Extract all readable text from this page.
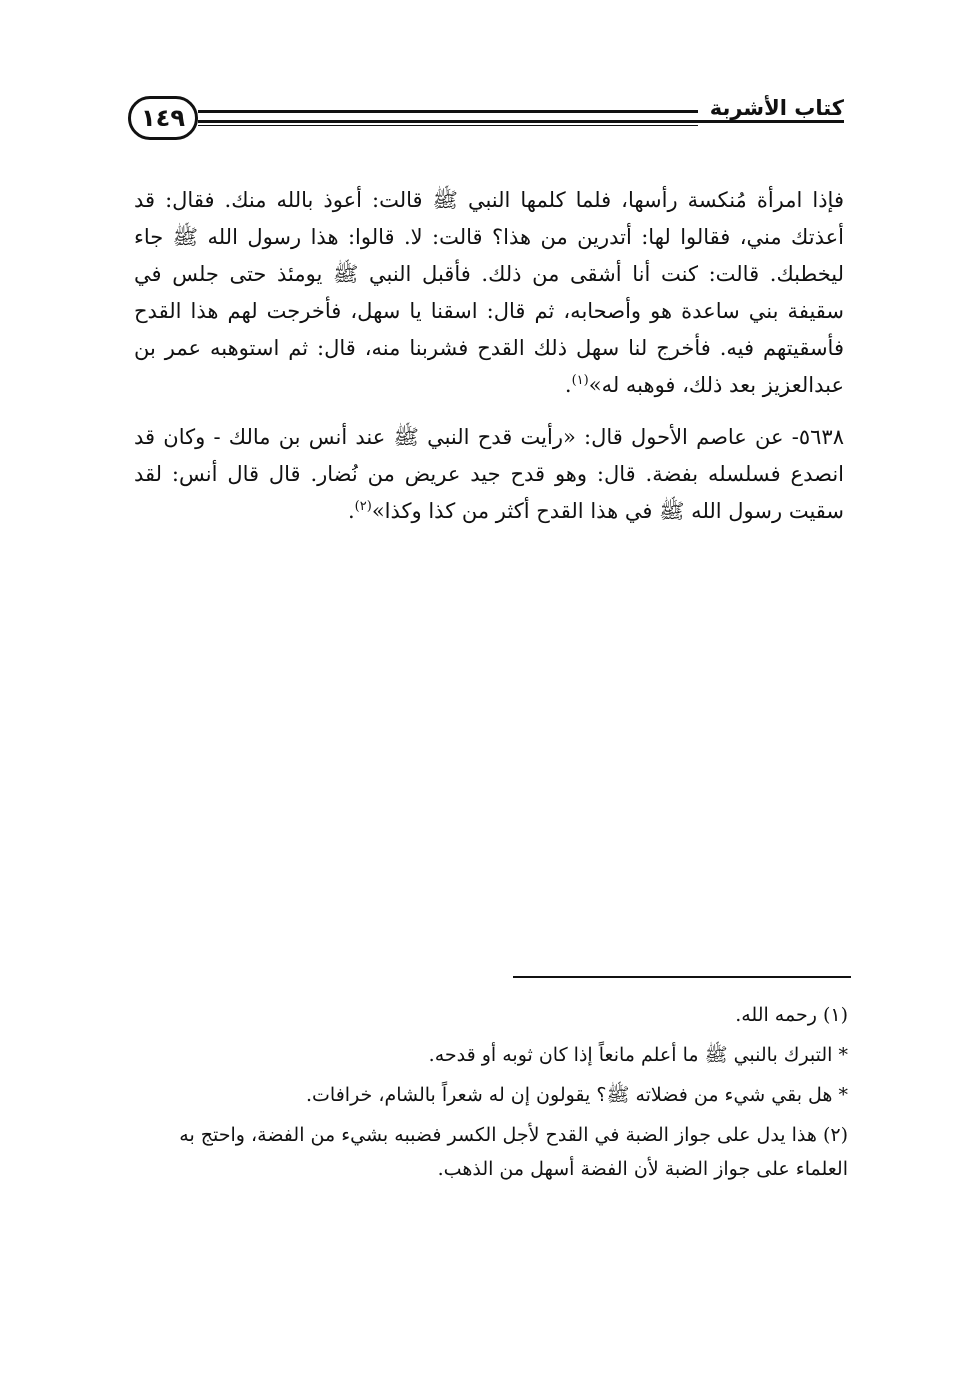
١٤٩	كتاب الأشربة

فإذا امرأة مُنكسة رأسها، فلما كلمها النبي ﷺ قالت: أعوذ بالله منك. فقال: قد أعذتك مني، فقالوا لها: أتدرين من هذا؟ قالت: لا. قالوا: هذا رسول الله ﷺ جاء ليخطبك. قالت: كنت أنا أشقى من ذلك. فأقبل النبي ﷺ يومئذ حتى جلس في سقيفة بني ساعدة هو وأصحابه، ثم قال: اسقنا يا سهل، فأخرجت لهم هذا القدح فأسقيتهم فيه. فأخرج لنا سهل ذلك القدح فشربنا منه، قال: ثم استوهبه عمر بن عبدالعزيز بعد ذلك، فوهبه له»$^{(١)}$.

٥٦٣٨- عن عاصم الأحول قال: «رأيت قدح النبي ﷺ عند أنس بن مالك - وكان قد انصدع فسلسله بفضة. قال: وهو قدح جيد عريض من نُضار. قال قال أنس: لقد سقيت رسول الله ﷺ في هذا القدح أكثر من كذا وكذا»$^{(٢)}$.

(١) رحمه الله.

* التبرك بالنبي ﷺ ما أعلم مانعاً إذا كان ثوبه أو قدحه.

* هل بقي شيء من فضلاته ﷺ؟ يقولون إن له شعراً بالشام، خرافات.

(٢) هذا يدل على جواز الضبة في القدح لأجل الكسر فضببه بشيء من الفضة، واحتج به العلماء على جواز الضبة لأن الفضة أسهل من الذهب.
